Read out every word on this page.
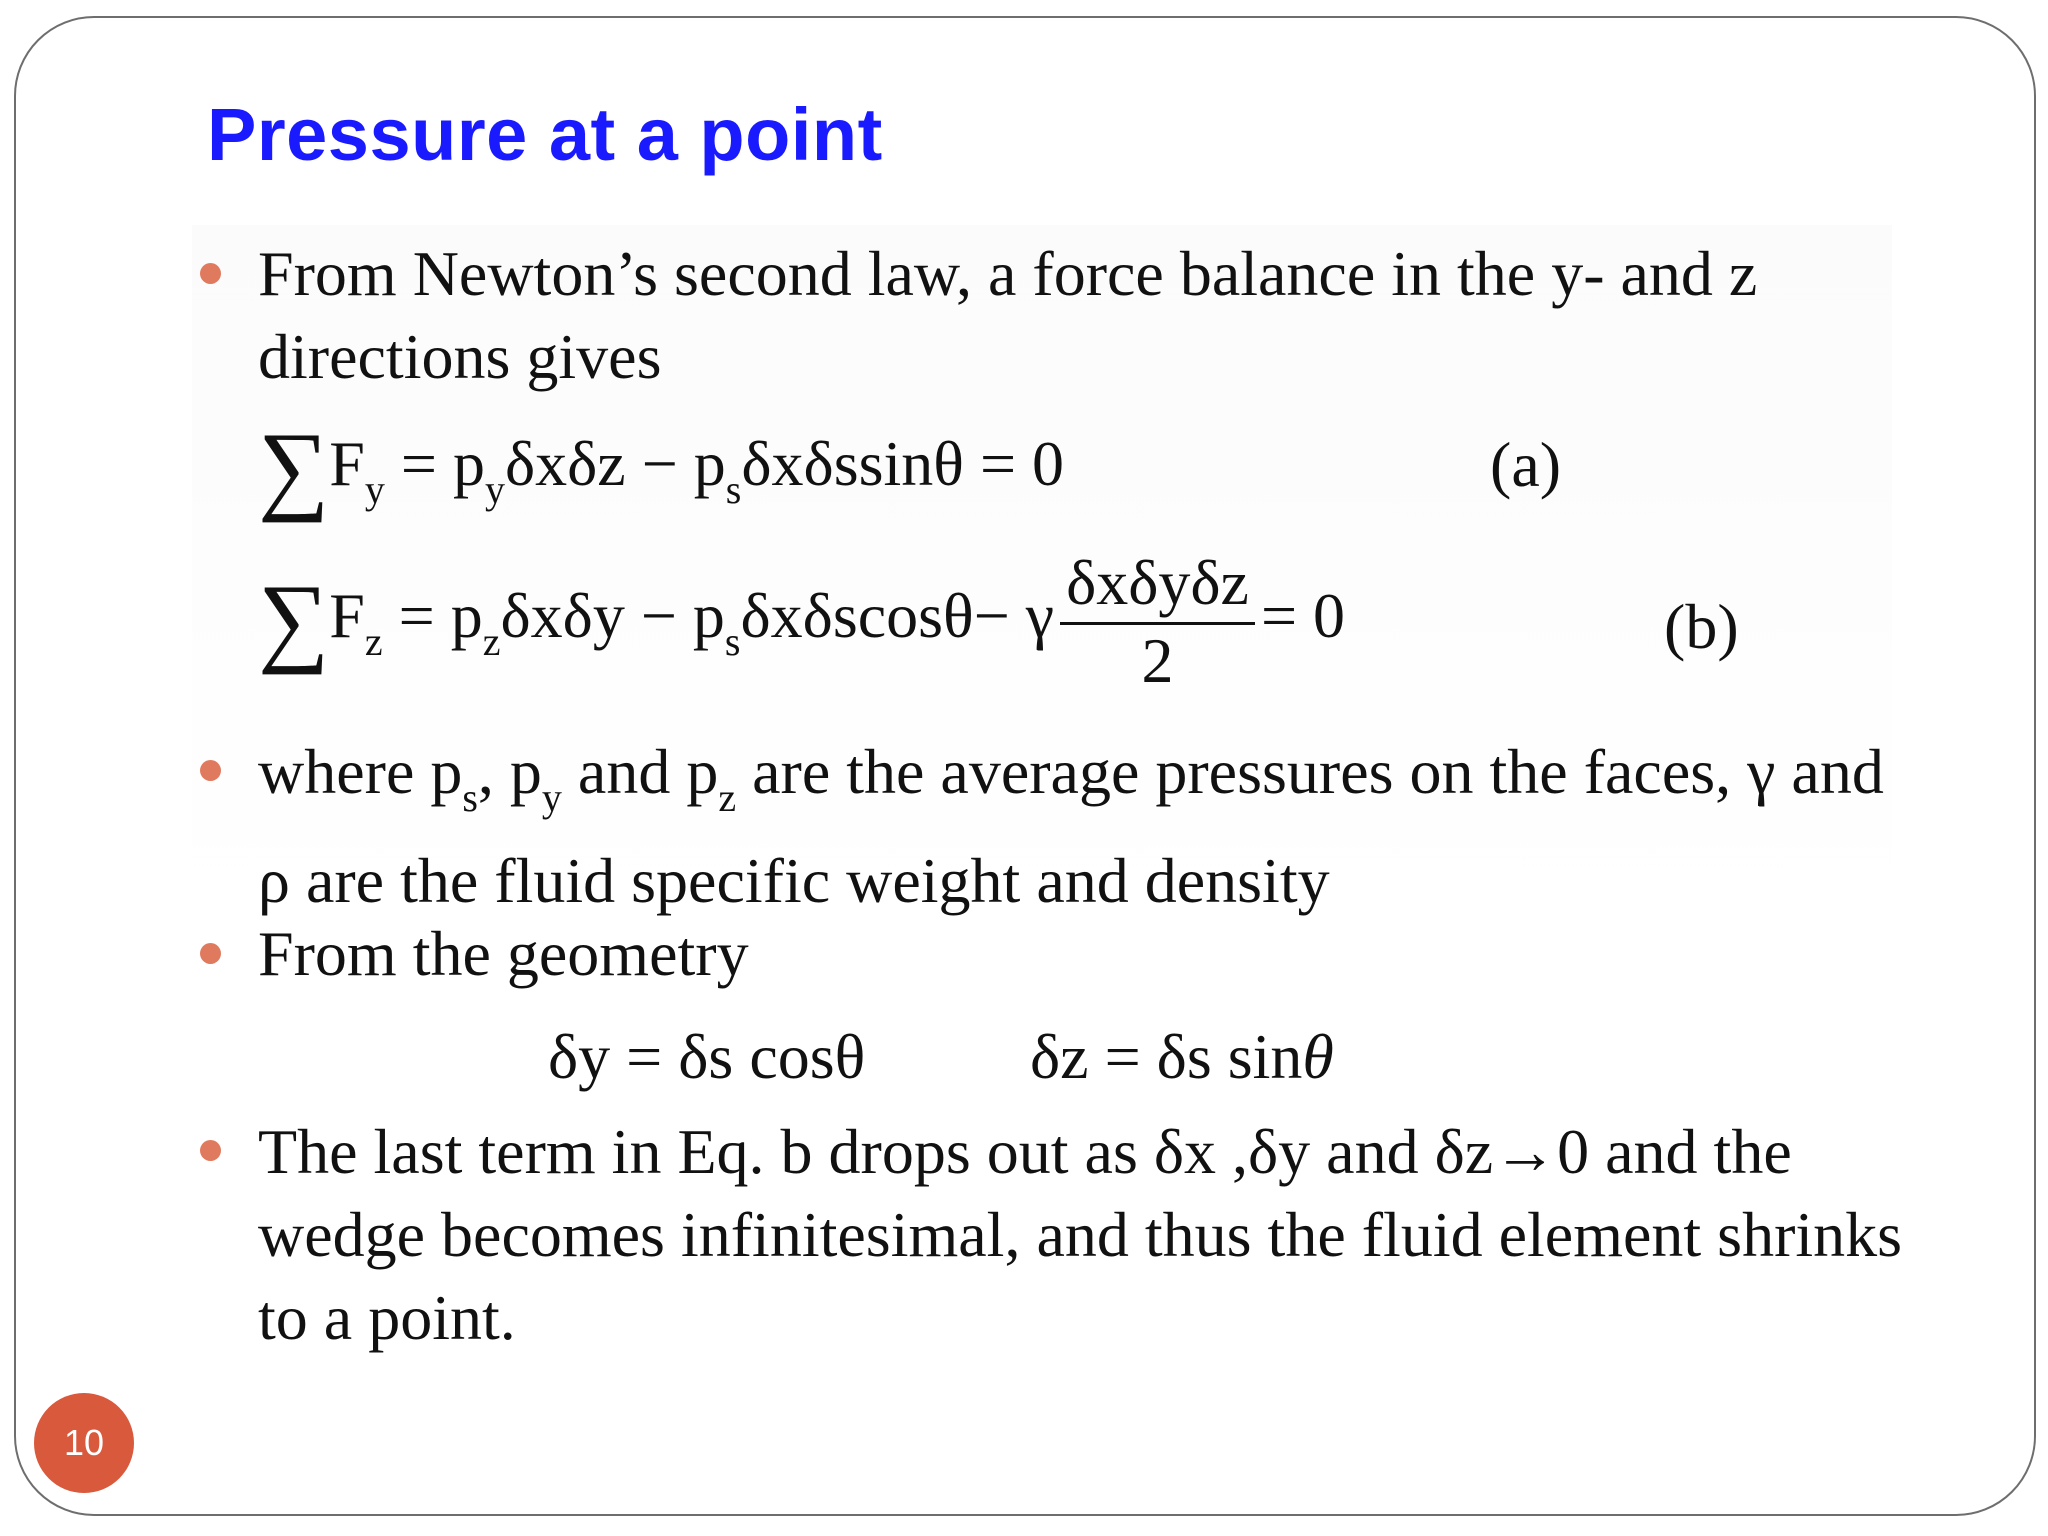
Pressure at a point
From Newton’s second law, a force balance in the y- and z directions gives
$\sum F_y = p_y\delta x\delta z - p_s\delta x\delta ssin\theta = 0$	(a)
$\sum F_z = p_z\delta x\delta y - p_s\delta x\delta scos\theta- \gamma \frac{\text{δxδyδz}}{2} = 0$	(b)
where $p_s$, $p_y$ and $p_z$ are the average pressures on the faces, γ and ρ are the fluid specific weight and density
From the geometry
δy = δs cosθ	δz = δs sinθ
The last term in Eq. b drops out as δx ,δy and δz→0 and the wedge becomes infinitesimal, and thus the fluid element shrinks to a point.
10
